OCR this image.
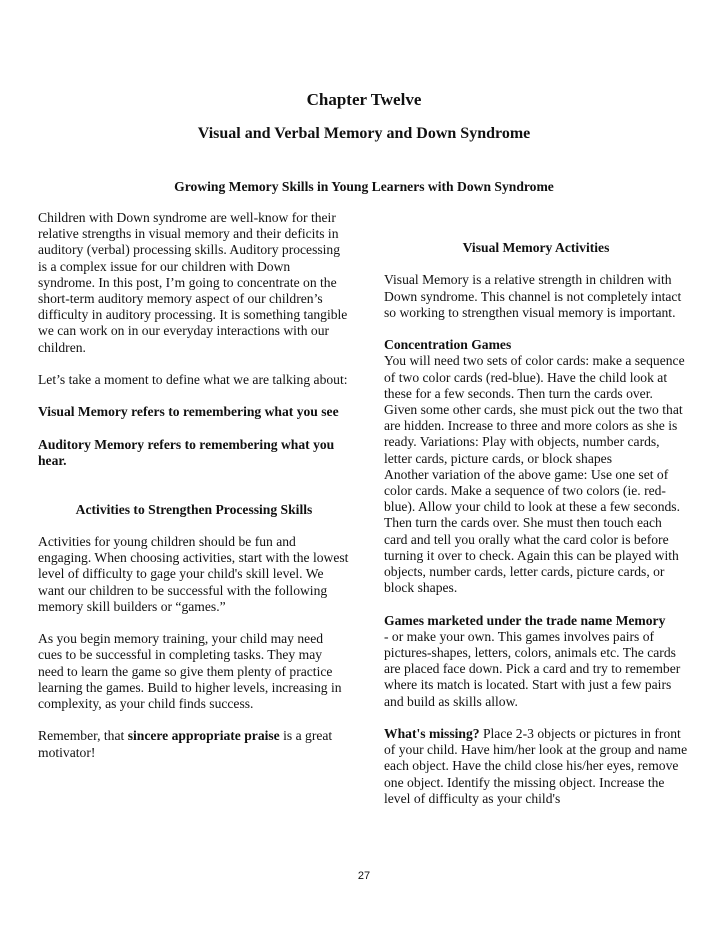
Chapter Twelve
Visual and Verbal Memory and Down Syndrome
Growing Memory Skills in Young Learners with Down Syndrome

Children with Down syndrome are well-know for their relative strengths in visual memory and their deficits in auditory (verbal) processing skills. Auditory processing is a complex issue for our children with Down syndrome. In this post, I’m going to concentrate on the short-term auditory memory aspect of our children’s difficulty in auditory processing. It is something tangible we can work on in our everyday interactions with our children.

Let’s take a moment to define what we are talking about:

Visual Memory refers to remembering what you see

Auditory Memory refers to remembering what you hear.

Activities to Strengthen Processing Skills

Activities for young children should be fun and engaging. When choosing activities, start with the lowest level of difficulty to gage your child's skill level. We want our children to be successful with the following memory skill builders or “games.”

As you begin memory training, your child may need cues to be successful in completing tasks. They may need to learn the game so give them plenty of practice learning the games. Build to higher levels, increasing in complexity, as your child finds success.

Remember, that sincere appropriate praise is a great motivator!

Visual Memory Activities

Visual Memory is a relative strength in children with Down syndrome. This channel is not completely intact so working to strengthen visual memory is important.

Concentration Games

You will need two sets of color cards: make a sequence of two color cards (red-blue). Have the child look at these for a few seconds. Then turn the cards over. Given some other cards, she must pick out the two that are hidden. Increase to three and more colors as she is ready. Variations: Play with objects, number cards, letter cards, picture cards, or block shapes

Another variation of the above game: Use one set of color cards. Make a sequence of two colors (ie. red-blue). Allow your child to look at these a few seconds. Then turn the cards over. She must then touch each card and tell you orally what the card color is before turning it over to check. Again this can be played with objects, number cards, letter cards, picture cards, or block shapes.

Games marketed under the trade name Memory

- or make your own. This games involves pairs of pictures-shapes, letters, colors, animals etc. The cards are placed face down. Pick a card and try to remember where its match is located. Start with just a few pairs and build as skills allow.

What's missing? Place 2-3 objects or pictures in front of your child. Have him/her look at the group and name each object. Have the child close his/her eyes, remove one object. Identify the missing object. Increase the level of difficulty as your child's

27
